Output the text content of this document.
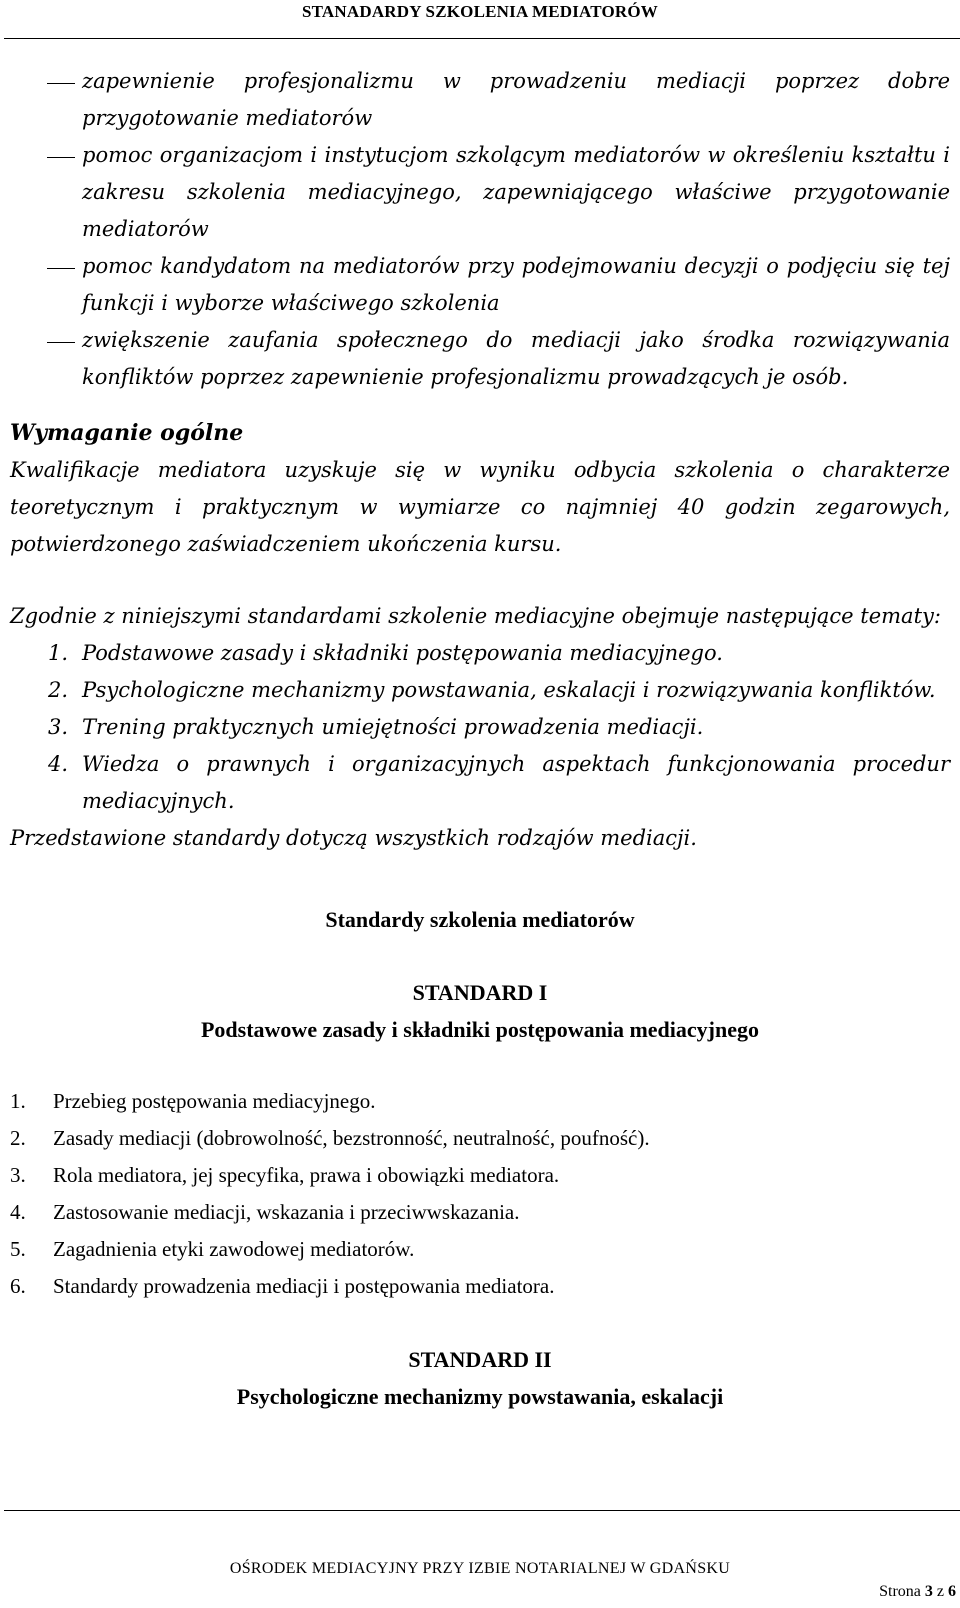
STANADARDY SZKOLENIA MEDIATORÓW
zapewnienie profesjonalizmu w prowadzeniu mediacji poprzez dobre przygotowanie mediatorów
pomoc organizacjom i instytucjom szkolącym mediatorów w określeniu kształtu i zakresu szkolenia mediacyjnego, zapewniającego właściwe przygotowanie mediatorów
pomoc kandydatom na mediatorów przy podejmowaniu decyzji o podjęciu się tej funkcji i wyborze właściwego szkolenia
zwiększenie zaufania społecznego do mediacji jako środka rozwiązywania konfliktów poprzez zapewnienie profesjonalizmu prowadzących je osób.
Wymaganie ogólne

Kwalifikacje mediatora uzyskuje się w wyniku odbycia szkolenia o charakterze teoretycznym i praktycznym w wymiarze co najmniej 40 godzin zegarowych, potwierdzonego zaświadczeniem ukończenia kursu.

Zgodnie z niniejszymi standardami szkolenie mediacyjne obejmuje następujące tematy:

1. Podstawowe zasady i składniki postępowania mediacyjnego.
2. Psychologiczne mechanizmy powstawania, eskalacji i rozwiązywania konfliktów.
3. Trening praktycznych umiejętności prowadzenia mediacji.
4. Wiedza o prawnych i organizacyjnych aspektach funkcjonowania procedur mediacyjnych.

Przedstawione standardy dotyczą wszystkich rodzajów mediacji.

Standardy szkolenia mediatorów

STANDARD I

Podstawowe zasady i składniki postępowania mediacyjnego

1.	Przebieg postępowania mediacyjnego.
2.	Zasady mediacji (dobrowolność, bezstronność, neutralność, poufność).
3.	Rola mediatora, jej specyfika, prawa i obowiązki mediatora.
4.	Zastosowanie mediacji, wskazania i przeciwwskazania.
5.	Zagadnienia etyki zawodowej mediatorów.
6.	Standardy prowadzenia mediacji i postępowania mediatora.

STANDARD II

Psychologiczne mechanizmy powstawania, eskalacji

OŚRODEK MEDIACYJNY PRZY IZBIE NOTARIALNEJ W GDAŃSKU
Strona 3 z 6
